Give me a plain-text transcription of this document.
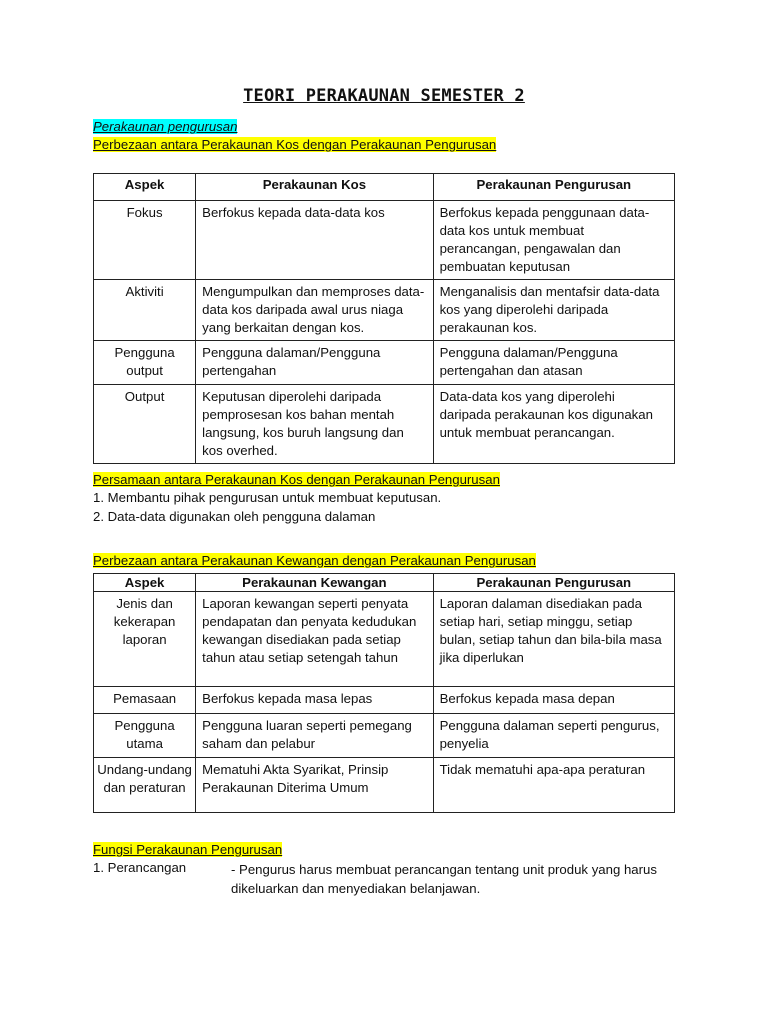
TEORI PERAKAUNAN SEMESTER 2
Perakaunan pengurusan
Perbezaan antara Perakaunan Kos dengan Perakaunan Pengurusan
Aspek	Perakaunan Kos	Perakaunan Pengurusan
Fokus	Berfokus kepada data-data kos	Berfokus kepada penggunaan data-data kos untuk membuat perancangan, pengawalan dan pembuatan keputusan
Aktiviti	Mengumpulkan dan memproses data-data kos daripada awal urus niaga yang berkaitan dengan kos.	Menganalisis dan mentafsir data-data kos yang diperolehi daripada perakaunan kos.
Pengguna output	Pengguna dalaman/Pengguna pertengahan	Pengguna dalaman/Pengguna pertengahan dan atasan
Output	Keputusan diperolehi daripada pemprosesan kos bahan mentah langsung, kos buruh langsung dan kos overhed.	Data-data kos yang diperolehi daripada perakaunan kos digunakan untuk membuat perancangan.
Persamaan antara Perakaunan Kos dengan Perakaunan Pengurusan
1. Membantu pihak pengurusan untuk membuat keputusan.
2. Data-data digunakan oleh pengguna dalaman
Perbezaan antara Perakaunan Kewangan dengan Perakaunan Pengurusan
Aspek	Perakaunan Kewangan	Perakaunan Pengurusan
Jenis dan kekerapan laporan	Laporan kewangan seperti penyata pendapatan dan penyata kedudukan kewangan disediakan pada setiap tahun atau setiap setengah tahun	Laporan dalaman disediakan pada setiap hari, setiap minggu, setiap bulan, setiap tahun dan bila-bila masa jika diperlukan
Pemasaan	Berfokus kepada masa lepas	Berfokus kepada masa depan
Pengguna utama	Pengguna luaran seperti pemegang saham dan pelabur	Pengguna dalaman seperti pengurus, penyelia
Undang-undang dan peraturan	Mematuhi Akta Syarikat, Prinsip Perakaunan Diterima Umum	Tidak mematuhi apa-apa peraturan
Fungsi Perakaunan Pengurusan
1. Perancangan	- Pengurus harus membuat perancangan tentang unit produk yang harus dikeluarkan dan menyediakan belanjawan.
